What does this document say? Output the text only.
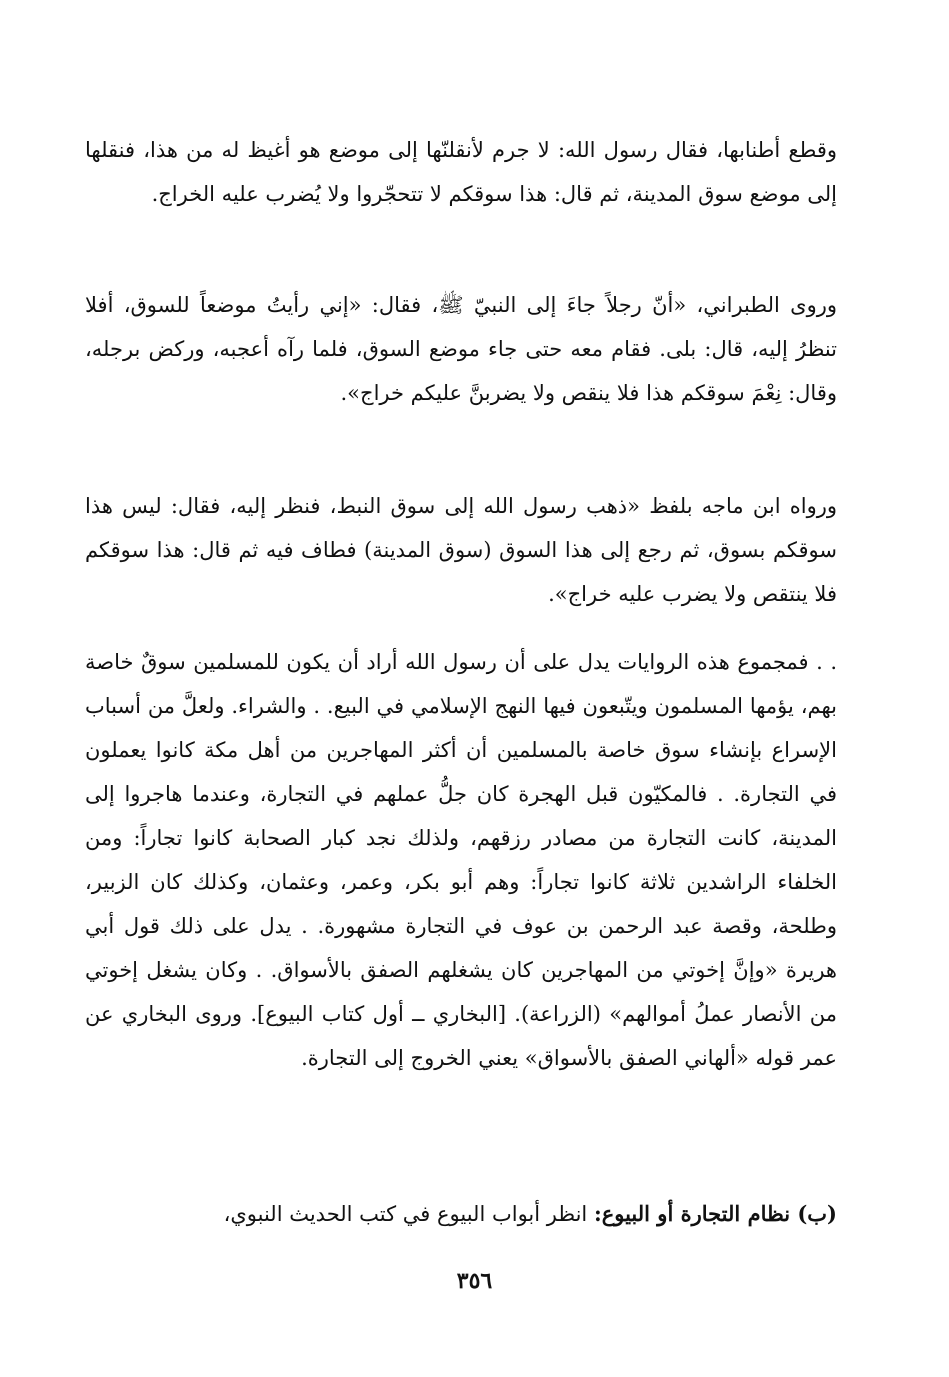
وقطع أطنابها، فقال رسول الله: لا جرم لأنقلنّها إلى موضع هو أغيظ له من هذا، فنقلها إلى موضع سوق المدينة، ثم قال: هذا سوقكم لا تتحجّروا ولا يُضرب عليه الخراج.

وروى الطبراني، «أنّ رجلاً جاءَ إلى النبيّ ﷺ، فقال: «إني رأيتُ موضعاً للسوق، أفلا تنظرُ إليه، قال: بلى. فقام معه حتى جاء موضع السوق، فلما رآه أعجبه، وركض برجله، وقال: نِعْمَ سوقكم هذا فلا ينقص ولا يضربنَّ عليكم خراج».

ورواه ابن ماجه بلفظ «ذهب رسول الله إلى سوق النبط، فنظر إليه، فقال: ليس هذا سوقكم بسوق، ثم رجع إلى هذا السوق (سوق المدينة) فطاف فيه ثم قال: هذا سوقكم فلا ينتقص ولا يضرب عليه خراج».

. . فمجموع هذه الروايات يدل على أن رسول الله أراد أن يكون للمسلمين سوقٌ خاصة بهم، يؤمها المسلمون ويتّبعون فيها النهج الإسلامي في البيع. . والشراء. ولعلَّ من أسباب الإسراع بإنشاء سوق خاصة بالمسلمين أن أكثر المهاجرين من أهل مكة كانوا يعملون في التجارة. . فالمكيّون قبل الهجرة كان جلُّ عملهم في التجارة، وعندما هاجروا إلى المدينة، كانت التجارة من مصادر رزقهم، ولذلك نجد كبار الصحابة كانوا تجاراً: ومن الخلفاء الراشدين ثلاثة كانوا تجاراً: وهم أبو بكر، وعمر، وعثمان، وكذلك كان الزبير، وطلحة، وقصة عبد الرحمن بن عوف في التجارة مشهورة. . يدل على ذلك قول أبي هريرة «وإنَّ إخوتي من المهاجرين كان يشغلهم الصفق بالأسواق. . وكان يشغل إخوتي من الأنصار عملُ أموالهم» (الزراعة). [البخاري ــ أول كتاب البيوع]. وروى البخاري عن عمر قوله «ألهاني الصفق بالأسواق» يعني الخروج إلى التجارة.

(ب) نظام التجارة أو البيوع: انظر أبواب البيوع في كتب الحديث النبوي،

٣٥٦
